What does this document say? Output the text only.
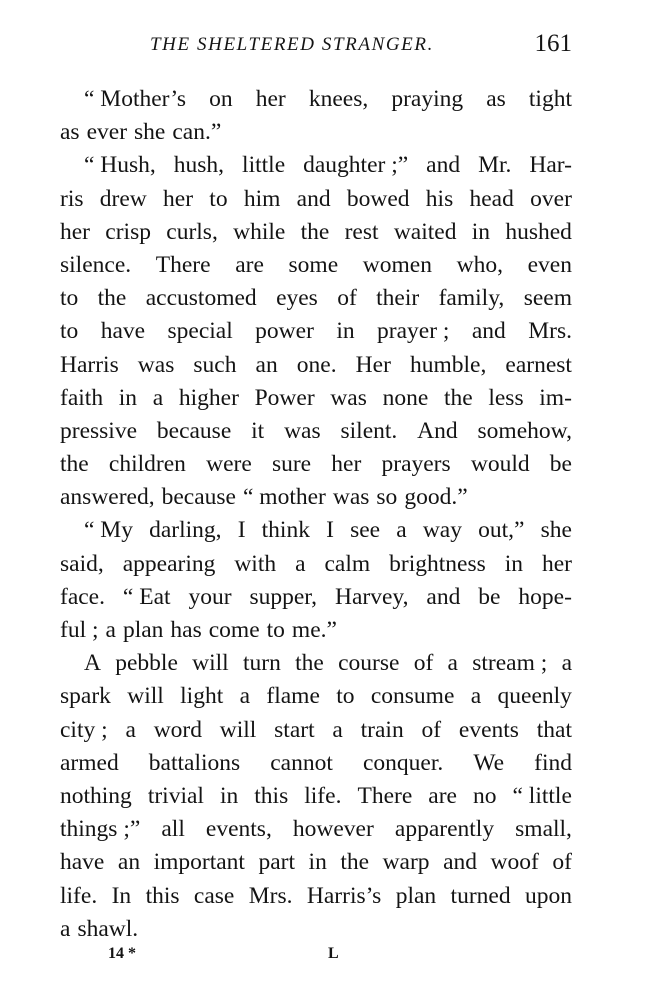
THE SHELTERED STRANGER.	161
“ Mother’s on her knees, praying as tight
as ever she can.”
“ Hush, hush, little daughter ;” and Mr. Har-
ris drew her to him and bowed his head over
her crisp curls, while the rest waited in hushed
silence. There are some women who, even
to the accustomed eyes of their family, seem
to have special power in prayer ; and Mrs.
Harris was such an one. Her humble, earnest
faith in a higher Power was none the less im-
pressive because it was silent. And somehow,
the children were sure her prayers would be
answered, because “ mother was so good.”
“ My darling, I think I see a way out,” she
said, appearing with a calm brightness in her
face. “ Eat your supper, Harvey, and be hope-
ful ; a plan has come to me.”
A pebble will turn the course of a stream ; a
spark will light a flame to consume a queenly
city ; a word will start a train of events that
armed battalions cannot conquer. We find
nothing trivial in this life. There are no “ little
things ;” all events, however apparently small,
have an important part in the warp and woof of
life. In this case Mrs. Harris’s plan turned upon
a shawl.
14 *	L
